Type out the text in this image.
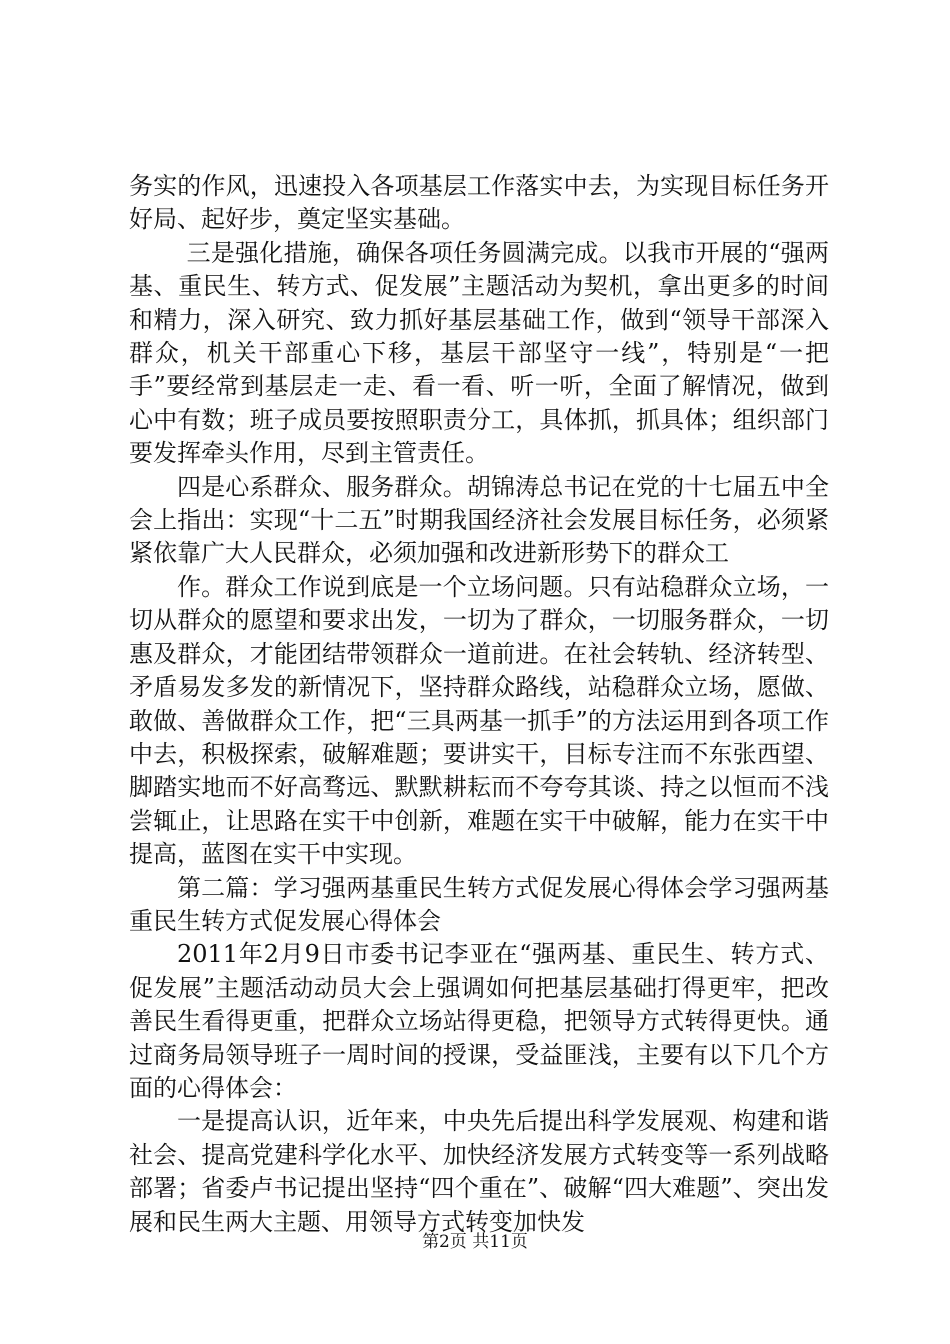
务实的作风，迅速投入各项基层工作落实中去，为实现目标任务开好局、起好步，奠定坚实基础。

三是强化措施，确保各项任务圆满完成。以我市开展的“强两基、重民生、转方式、促发展”主题活动为契机，拿出更多的时间和精力，深入研究、致力抓好基层基础工作，做到“领导干部深入群众，机关干部重心下移，基层干部坚守一线”，特别是“一把手”要经常到基层走一走、看一看、听一听，全面了解情况，做到心中有数；班子成员要按照职责分工，具体抓，抓具体；组织部门要发挥牵头作用，尽到主管责任。

四是心系群众、服务群众。胡锦涛总书记在党的十七届五中全会上指出：实现“十二五”时期我国经济社会发展目标任务，必须紧紧依靠广大人民群众，必须加强和改进新形势下的群众工

作。群众工作说到底是一个立场问题。只有站稳群众立场，一切从群众的愿望和要求出发，一切为了群众，一切服务群众，一切惠及群众，才能团结带领群众一道前进。在社会转轨、经济转型、矛盾易发多发的新情况下，坚持群众路线，站稳群众立场，愿做、敢做、善做群众工作，把“三具两基一抓手”的方法运用到各项工作中去，积极探索，破解难题；要讲实干，目标专注而不东张西望、脚踏实地而不好高骛远、默默耕耘而不夸夸其谈、持之以恒而不浅尝辄止，让思路在实干中创新，难题在实干中破解，能力在实干中提高，蓝图在实干中实现。

第二篇：学习强两基重民生转方式促发展心得体会学习强两基重民生转方式促发展心得体会

2011年2月9日市委书记李亚在“强两基、重民生、转方式、促发展”主题活动动员大会上强调如何把基层基础打得更牢，把改善民生看得更重，把群众立场站得更稳，把领导方式转得更快。通过商务局领导班子一周时间的授课，受益匪浅，主要有以下几个方面的心得体会：

一是提高认识，近年来，中央先后提出科学发展观、构建和谐社会、提高党建科学化水平、加快经济发展方式转变等一系列战略部署；省委卢书记提出坚持“四个重在”、破解“四大难题”、突出发展和民生两大主题、用领导方式转变加快发

第2页 共11页
